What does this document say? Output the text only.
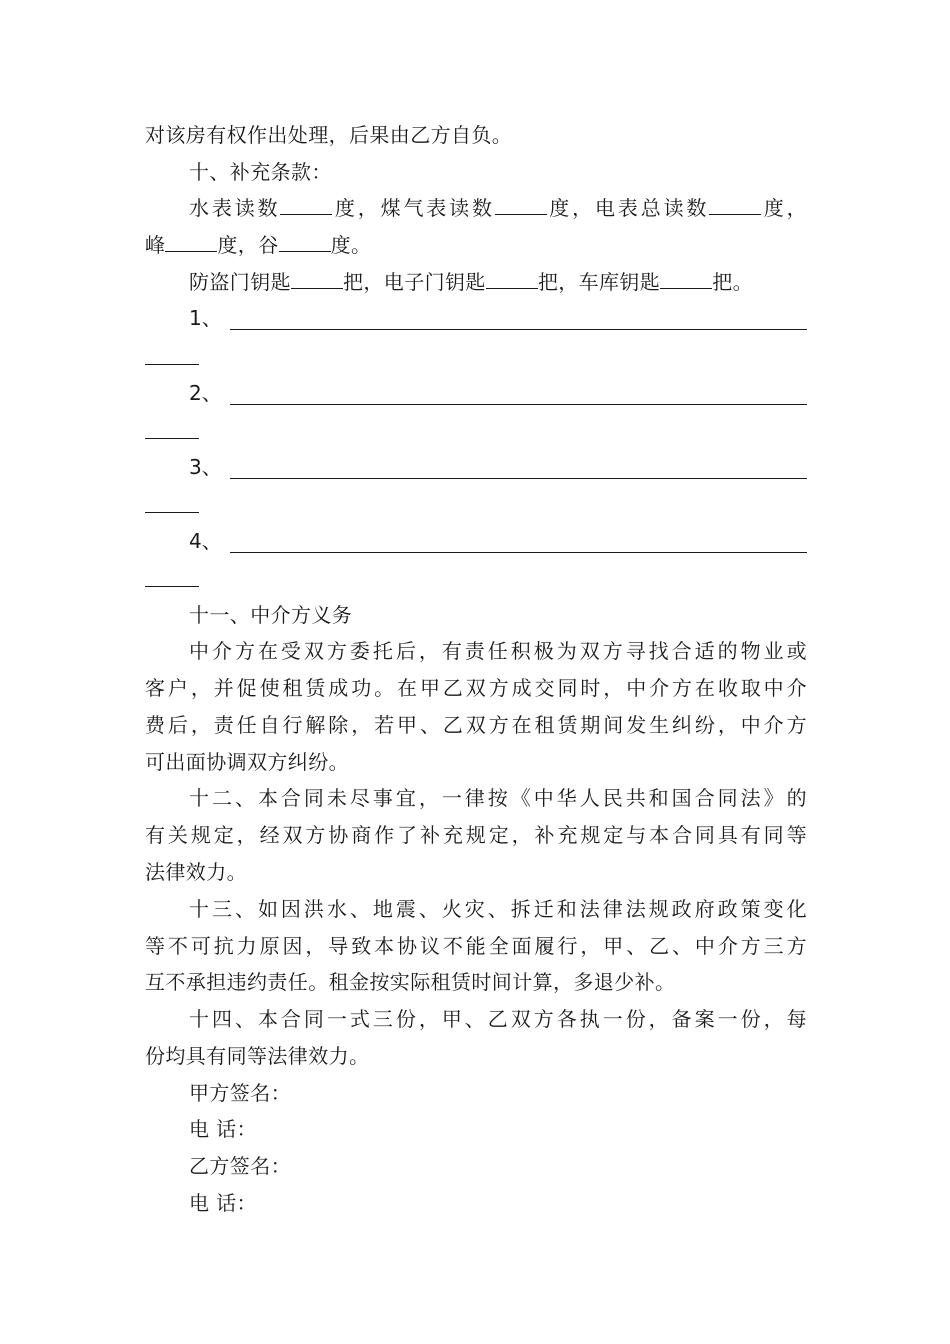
对该房有权作出处理，后果由乙方自负。
十、补充条款：
水表读数	度，煤气表读数	度，电表总读数	度，
峰	度，谷	度。
防盗门钥匙	把，电子门钥匙	把，车库钥匙	把。
1、
2、
3、
4、
十一、中介方义务
中介方在受双方委托后，有责任积极为双方寻找合适的物业或
客户，并促使租赁成功。在甲乙双方成交同时，中介方在收取中介
费后，责任自行解除，若甲、乙双方在租赁期间发生纠纷，中介方
可出面协调双方纠纷。
十二、本合同未尽事宜，一律按《中华人民共和国合同法》的
有关规定，经双方协商作了补充规定，补充规定与本合同具有同等
法律效力。
十三、如因洪水、地震、火灾、拆迁和法律法规政府政策变化
等不可抗力原因，导致本协议不能全面履行，甲、乙、中介方三方
互不承担违约责任。租金按实际租赁时间计算，多退少补。
十四、本合同一式三份，甲、乙双方各执一份，备案一份，每
份均具有同等法律效力。
甲方签名：
电 话：
乙方签名：
电 话：
